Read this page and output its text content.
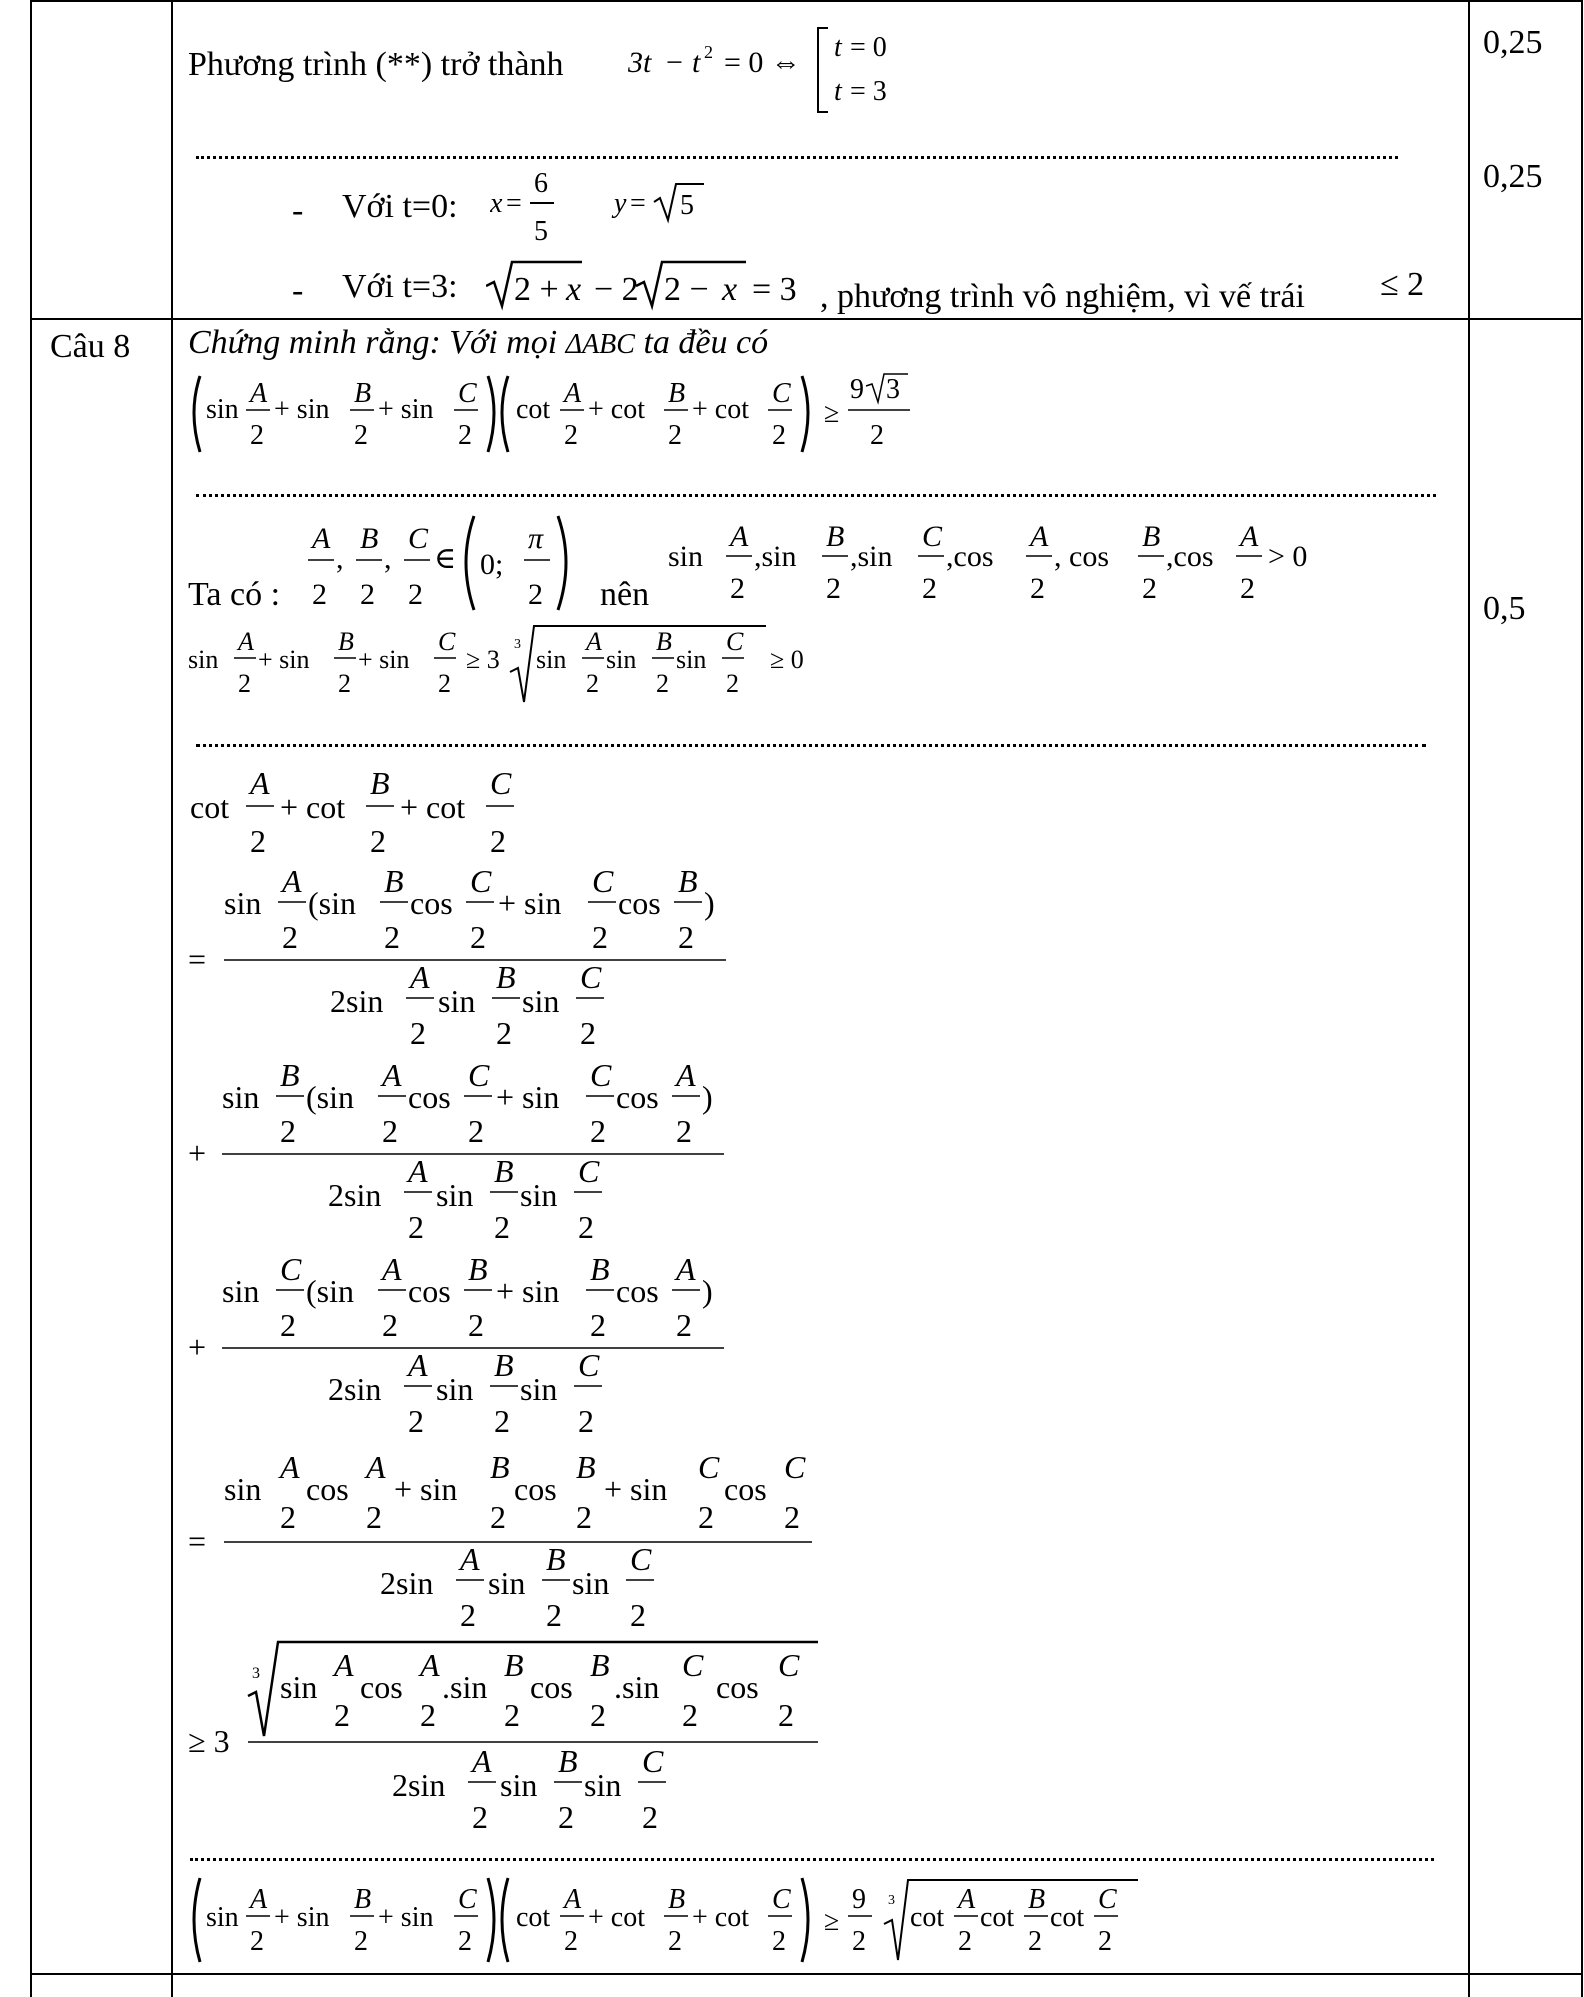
Phương trình (**) trở thành 3t − t 2 = 0 ⇔ t = 0
t = 3
0,25
0,25
- Với t=0: x =
6
5
y = 5
- Với t=3: 2 + x − 2 2 − x = 3 , phương trình vô nghiệm, vì vế trái ≤ 2
Câu 8 Chứng minh rằng: Với mọi ΔABC ta đều có
sin
A
2
+ sin
B
2
+ sin
C
2
cot
A
2
+ cot
B
2
+ cot
C
2
≥
9 3
2
Ta có :
A
2
,
B
2
,
C
2
∈ 0;
π
2 nên
sin
A
2
,sin
B
2
,sin
C
2
,cos
A
2
, cos
B
2
,cos
A
2
> 0
0,5
sin
A
2
+ sin
B
2
+ sin
C
2
≥ 3
3
sin
A
2
sin
B
2
sin
C
2
≥ 0
cot
A
2
+ cot
B
2
+ cot
C
2
=
sin
A
2
(sin
B
2
cos
C
2
+ sin
C
2
cos
B
2
)
2sin
A
2
sin
B
2
sin
C
2
+
sin
B
2
(sin
A
2
cos
C
2
+ sin
C
2
cos
A
2
)
2sin
A
2
sin
B
2
sin
C
2
+
sin
C
2
(sin
A
2
cos
B
2
+ sin
B
2
cos
A
2
)
2sin
A
2
sin
B
2
sin
C
2
=
sin
A
2
cos
A
2
+ sin
B
2
cos
B
2
+ sin
C
2
cos
C
2
2sin
A
2
sin
B
2
sin
C
2
≥ 3
3 sin
A
2
cos
A
2
.sin
B
2
cos
B
2
.sin
C
2
cos
C
2
2sin
A
2
sin
B
2
sin
C
2
sin
A
2
+ sin
B
2
+ sin
C
2
cot
A
2
+ cot
B
2
+ cot
C
2
≥
9
2
3
cot
A
2
cot
B
2
cot
C
2
